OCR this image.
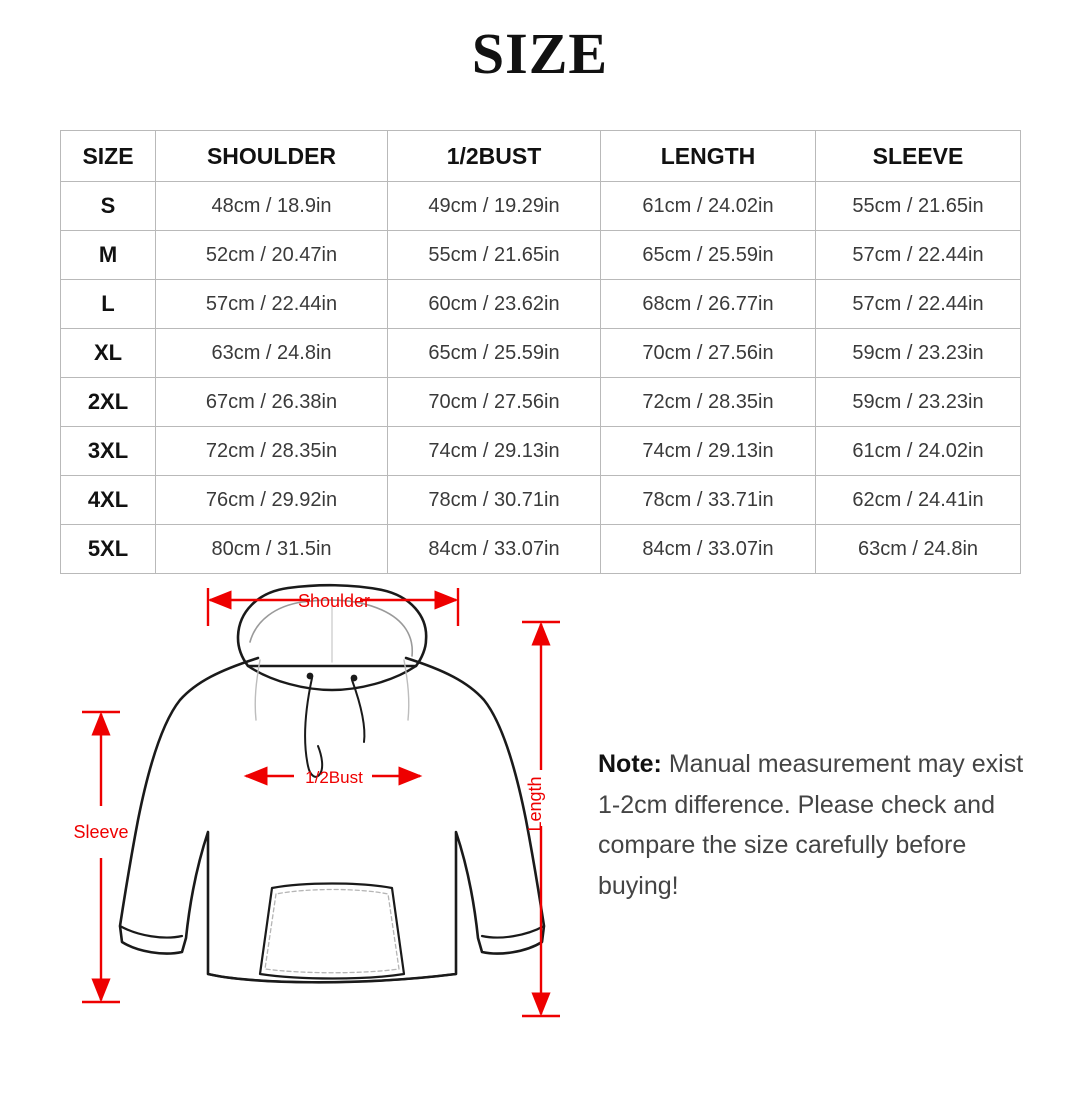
SIZE
SIZE	SHOULDER	1/2BUST	LENGTH	SLEEVE
S	48cm / 18.9in	49cm / 19.29in	61cm / 24.02in	55cm / 21.65in
M	52cm / 20.47in	55cm / 21.65in	65cm / 25.59in	57cm / 22.44in
L	57cm / 22.44in	60cm / 23.62in	68cm / 26.77in	57cm / 22.44in
XL	63cm / 24.8in	65cm / 25.59in	70cm / 27.56in	59cm / 23.23in
2XL	67cm / 26.38in	70cm / 27.56in	72cm / 28.35in	59cm / 23.23in
3XL	72cm / 28.35in	74cm / 29.13in	74cm / 29.13in	61cm / 24.02in
4XL	76cm / 29.92in	78cm / 30.71in	78cm / 33.71in	62cm / 24.41in
5XL	80cm / 31.5in	84cm / 33.07in	84cm / 33.07in	63cm / 24.8in
Shoulder
1/2Bust	Length
Sleeve
Note: Manual measurement may exist 1-2cm difference. Please check and compare the size carefully before buying!
